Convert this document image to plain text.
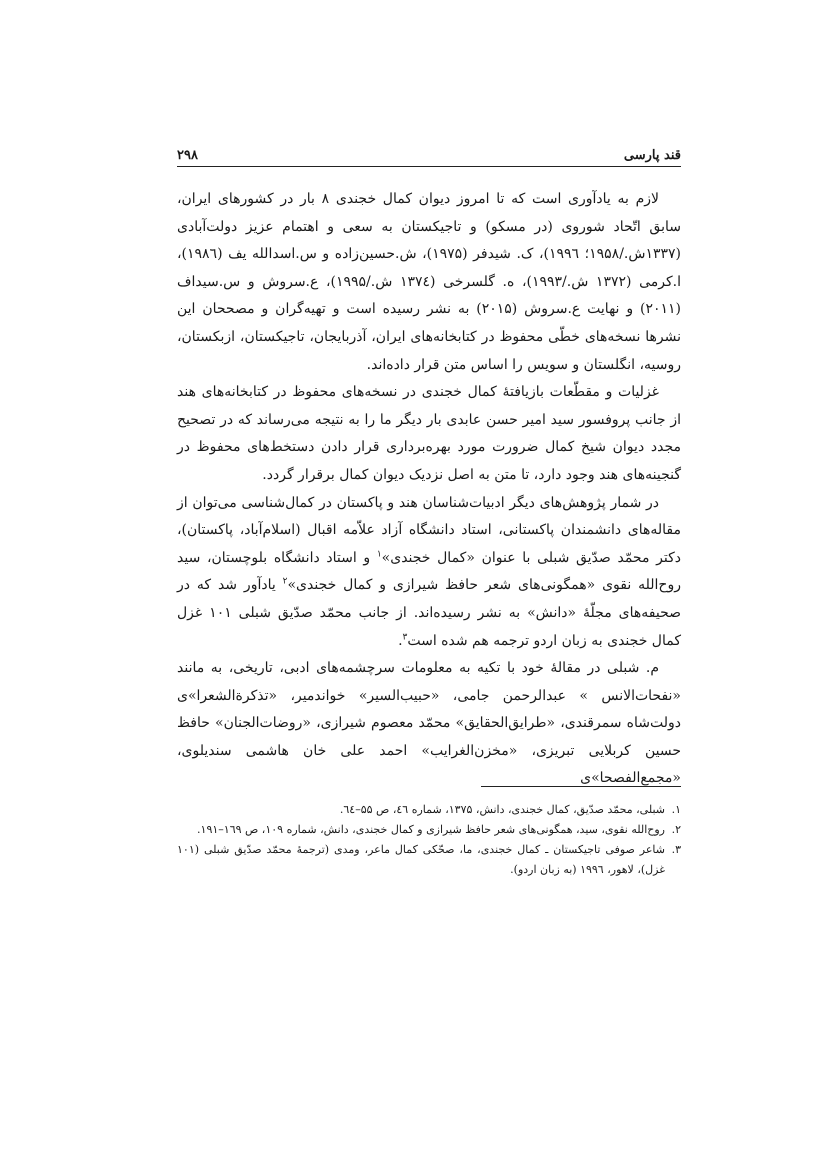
۲۹۸	قند پارسی

لازم به یادآوری است که تا امروز دیوان کمال خجندی ۸ بار در کشورهای ایران، سابق اتّحاد شوروی (در مسکو) و تاجیکستان به سعی و اهتمام عزیز دولت‌آبادی (۱۳۳۷ش./۱۹۵۸؛ ۱۹۹٦)، ک. شیدفر (۱۹۷۵)، ش.حسین‌زاده و س.اسدالله یف (۱۹۸٦)، ا.کرمی (۱۳۷۲ ش./۱۹۹۳)، ه. گلسرخی (۱۳۷٤ ش./۱۹۹۵)، ع.سروش و س.سیداف (۲۰۱۱) و نهایت ع.سروش (۲۰۱۵) به نشر رسیده است و تهیه‌گران و مصححان این نشرها نسخه‌های خطّی محفوظ در کتابخانه‌های ایران، آذربایجان، تاجیکستان، ازبکستان، روسیه، انگلستان و سویس را اساس متن قرار داده‌اند.

غزلیات و مقطّعات بازیافتۀ کمال خجندی در نسخه‌های محفوظ در کتابخانه‌های هند از جانب پروفسور سید امیر حسن عابدی بار دیگر ما را به نتیجه می‌رساند که در تصحیح مجدد دیوان شیخ کمال ضرورت مورد بهره‌برداری قرار دادن دستخط‌های محفوظ در گنجینه‌های هند وجود دارد، تا متن به اصل نزدیک دیوان کمال برقرار گردد.

در شمار پژوهش‌های دیگر ادبیات‌شناسان هند و پاکستان در کمال‌شناسی می‌توان از مقاله‌های دانشمندان پاکستانی، استاد دانشگاه آزاد علاّمه اقبال (اسلام‌آباد، پاکستان)، دکتر محمّد صدّیق شبلی با عنوان «کمال خجندی»$^۱$ و استاد دانشگاه بلوچستان، سید روح‌الله نقوی «همگونی‌های شعر حافظ شیرازی و کمال خجندی»$^۲$ یادآور شد که در صحیفه‌های مجلّۀ «دانش» به نشر رسیده‌اند. از جانب محمّد صدّیق شبلی ۱۰۱ غزل کمال خجندی به زبان اردو ترجمه هم شده است$^۳$.

م. شبلی در مقالۀ خود با تکیه به معلومات سرچشمه‌های ادبی، تاریخی، به مانند «نفحات‌الانس » عبدالرحمن جامی، «حبیب‌السیر» خواندمیر، «تذکرة‌الشعرا»ی دولت‌شاه سمرقندی، «طرایق‌الحقایق» محمّد معصوم شیرازی، «روضات‌الجنان» حافظ حسین کربلایی تبریزی، «مخزن‌الغرایب» احمد علی خان هاشمی سندیلوی، «مجمع‌الفصحا»ی

۱.
شبلی، محمّد صدّیق، کمال خجندی، دانش، ۱۳۷۵، شماره ٤٦، ص ۵۵–٦٤.
۲.
روح‌الله نقوی، سید، همگونی‌های شعر حافظ شیرازی و کمال خجندی، دانش، شماره ۱۰۹، ص ۱٦۹–۱۹۱.
۳.
شاعر صوفی تاجیکستان ـ کمال خجندی، ما، صحّکی کمال ماعر، ومدی (ترجمۀ محمّد صدّیق شبلی (۱۰۱ غزل)، لاهور، ۱۹۹٦ (به زبان اردو).
